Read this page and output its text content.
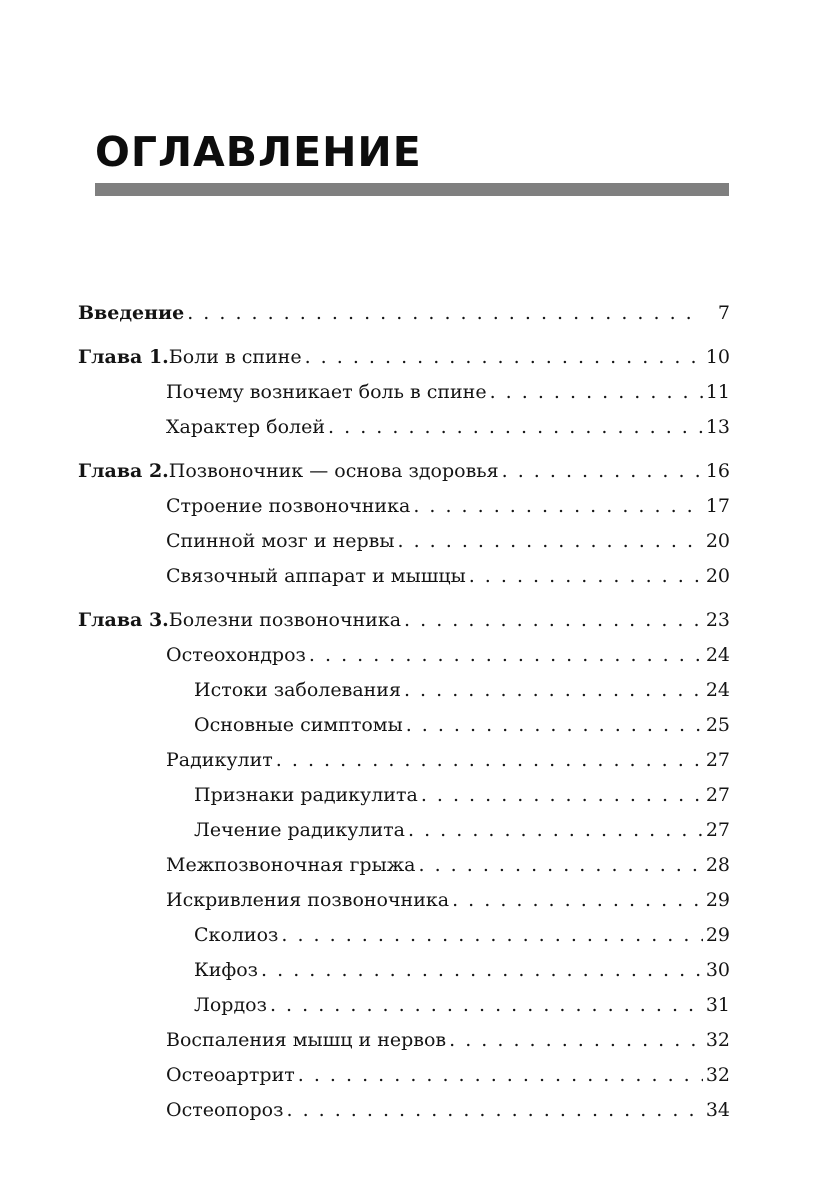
ОГЛАВЛЕНИЕ
Введение . . .	7
Глава 1. Боли в спине . . .	10
Почему возникает боль в спине . . .	11
Характер болей . . .	13
Глава 2. Позвоночник — основа здоровья . . .	16
Строение позвоночника . . .	17
Спинной мозг и нервы . . .	20
Связочный аппарат и мышцы . . .	20
Глава 3. Болезни позвоночника . . .	23
Остеохондроз . . .	24
Истоки заболевания . . .	24
Основные симптомы . . .	25
Радикулит . . .	27
Признаки радикулита . . .	27
Лечение радикулита . . .	27
Межпозвоночная грыжа . . .	28
Искривления позвоночника . . .	29
Сколиоз . . .	29
Кифоз . . .	30
Лордоз . . .	31
Воспаления мышц и нервов . . .	32
Остеоартрит . . .	32
Остеопороз . . .	34
